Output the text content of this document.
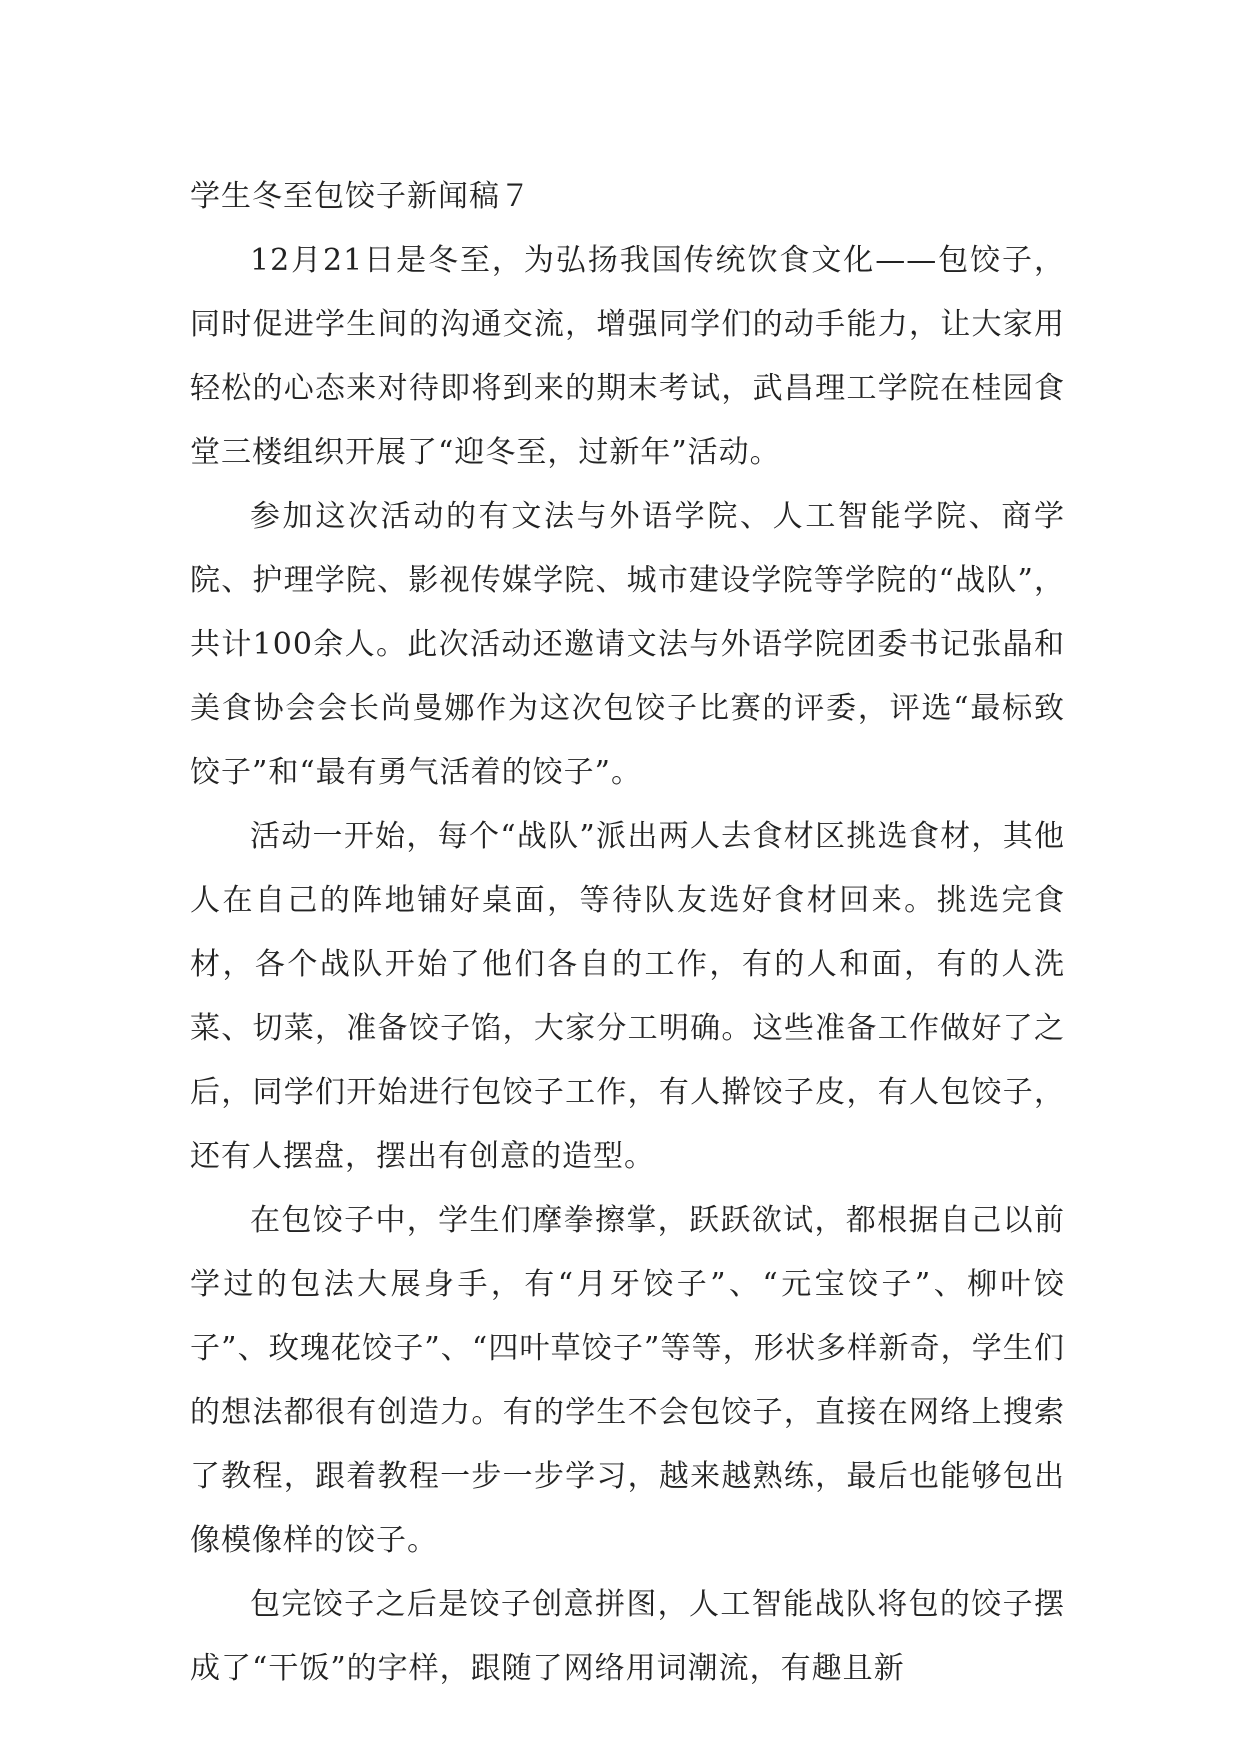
学生冬至包饺子新闻稿７

12月21日是冬至，为弘扬我国传统饮食文化——包饺子，同时促进学生间的沟通交流，增强同学们的动手能力，让大家用轻松的心态来对待即将到来的期末考试，武昌理工学院在桂园食堂三楼组织开展了“迎冬至，过新年”活动。

参加这次活动的有文法与外语学院、人工智能学院、商学院、护理学院、影视传媒学院、城市建设学院等学院的“战队”，共计100余人。此次活动还邀请文法与外语学院团委书记张晶和美食协会会长尚曼娜作为这次包饺子比赛的评委，评选“最标致饺子”和“最有勇气活着的饺子”。

活动一开始，每个“战队”派出两人去食材区挑选食材，其他人在自己的阵地铺好桌面，等待队友选好食材回来。挑选完食材，各个战队开始了他们各自的工作，有的人和面，有的人洗菜、切菜，准备饺子馅，大家分工明确。这些准备工作做好了之后，同学们开始进行包饺子工作，有人擀饺子皮，有人包饺子，还有人摆盘，摆出有创意的造型。

在包饺子中，学生们摩拳擦掌，跃跃欲试，都根据自己以前学过的包法大展身手，有“月牙饺子”、“元宝饺子”、柳叶饺子”、玫瑰花饺子”、“四叶草饺子”等等，形状多样新奇，学生们的想法都很有创造力。有的学生不会包饺子，直接在网络上搜索了教程，跟着教程一步一步学习，越来越熟练，最后也能够包出像模像样的饺子。

包完饺子之后是饺子创意拼图，人工智能战队将包的饺子摆成了“干饭”的字样，跟随了网络用词潮流，有趣且新
